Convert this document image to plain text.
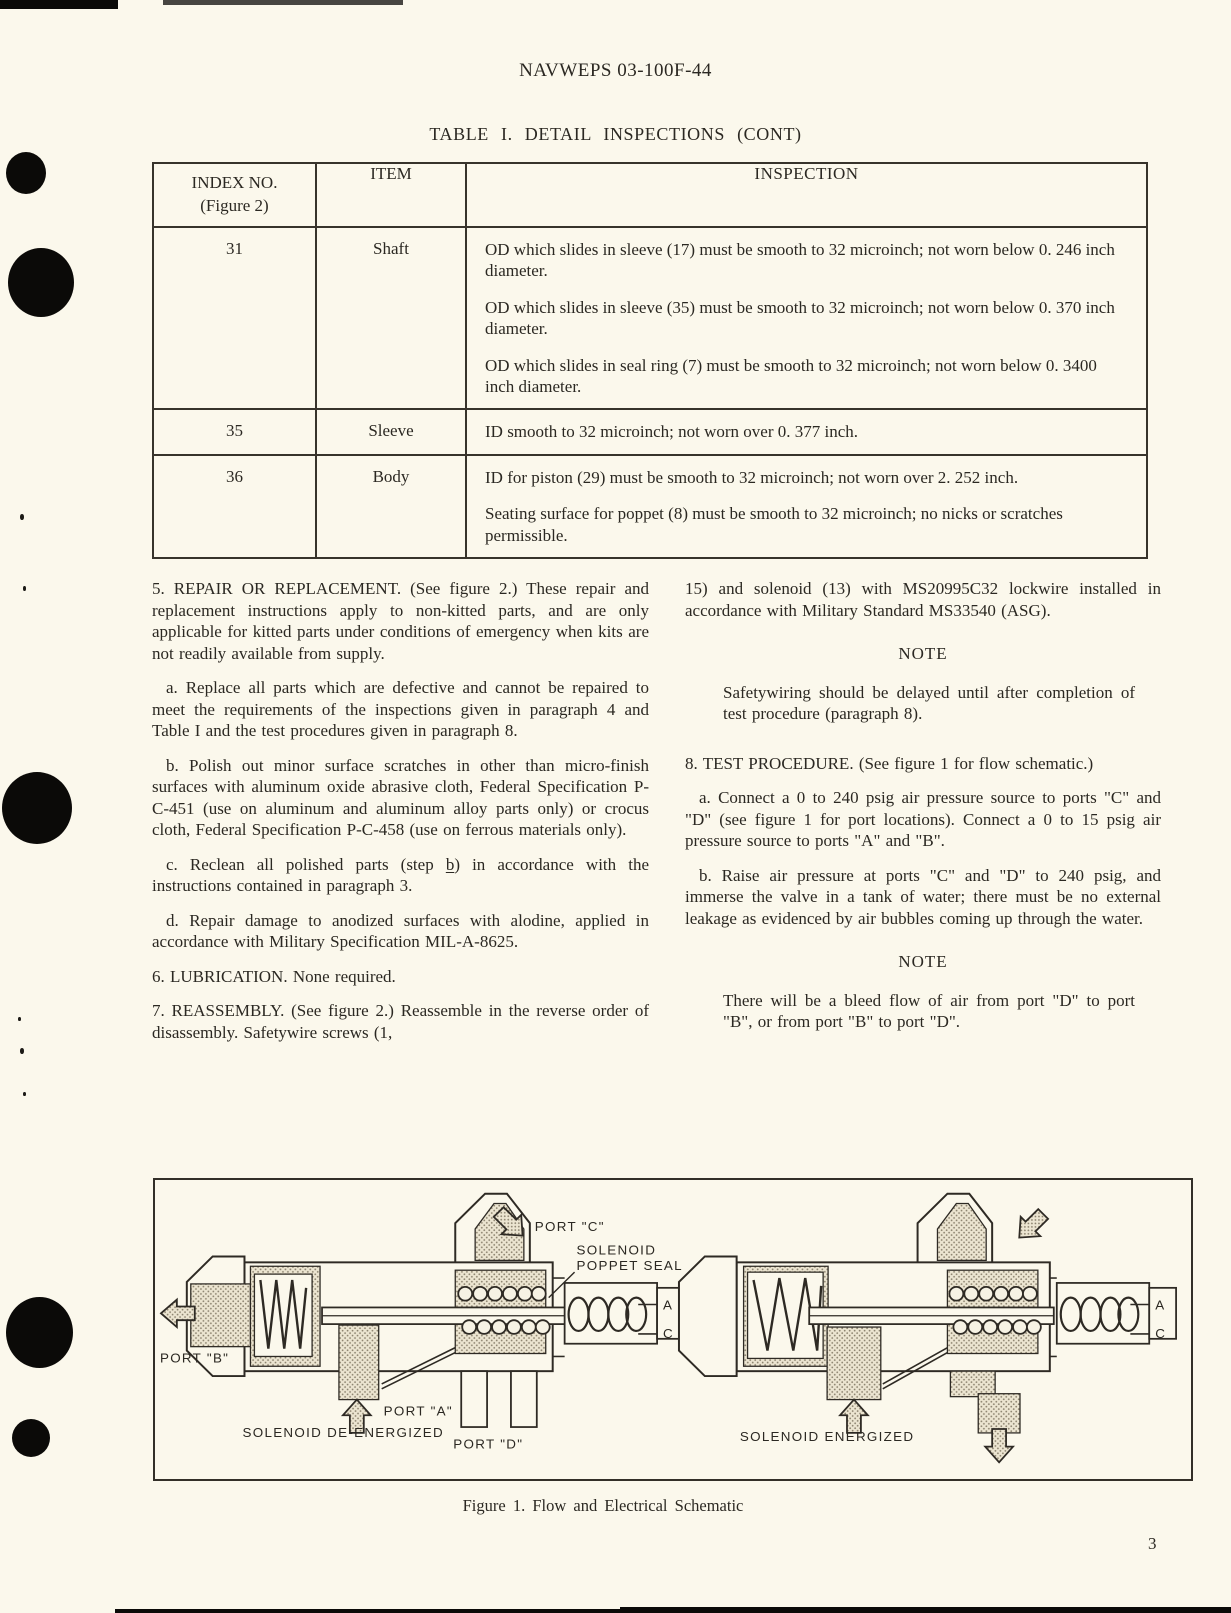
NAVWEPS 03-100F-44
TABLE I. DETAIL INSPECTIONS (CONT)
INDEX NO.
(Figure 2)	ITEM	INSPECTION
31	Shaft	OD which slides in sleeve (17) must be smooth to 32 microinch; not worn below 0. 246 inch diameter.

OD which slides in sleeve (35) must be smooth to 32 microinch; not worn below 0. 370 inch diameter.

OD which slides in seal ring (7) must be smooth to 32 microinch; not worn below 0. 3400 inch diameter.

35	Sleeve	ID smooth to 32 microinch; not worn over 0. 377 inch.

36	Body	ID for piston (29) must be smooth to 32 microinch; not worn over 2. 252 inch.

Seating surface for poppet (8) must be smooth to 32 microinch; no nicks or scratches permissible.

5. REPAIR OR REPLACEMENT. (See figure 2.) These repair and replacement instructions apply to non-kitted parts, and are only applicable for kitted parts under conditions of emergency when kits are not readily available from supply.

a. Replace all parts which are defective and cannot be repaired to meet the requirements of the inspections given in paragraph 4 and Table I and the test procedures given in paragraph 8.

b. Polish out minor surface scratches in other than micro-finish surfaces with aluminum oxide abrasive cloth, Federal Specification P-C-451 (use on aluminum and aluminum alloy parts only) or crocus cloth, Federal Specification P-C-458 (use on ferrous materials only).

c. Reclean all polished parts (step b) in accordance with the instructions contained in paragraph 3.

d. Repair damage to anodized surfaces with alodine, applied in accordance with Military Specification MIL-A-8625.

6. LUBRICATION. None required.

7. REASSEMBLY. (See figure 2.) Reassemble in the reverse order of disassembly. Safetywire screws (1,

15) and solenoid (13) with MS20995C32 lockwire installed in accordance with Military Standard MS33540 (ASG).

NOTE

Safetywiring should be delayed until after completion of test procedure (paragraph 8).

8. TEST PROCEDURE. (See figure 1 for flow schematic.)

a. Connect a 0 to 240 psig air pressure source to ports "C" and "D" (see figure 1 for port locations). Connect a 0 to 15 psig air pressure source to ports "A" and "B".

b. Raise air pressure at ports "C" and "D" to 240 psig, and immerse the valve in a tank of water; there must be no external leakage as evidenced by air bubbles coming up through the water.

NOTE

There will be a bleed flow of air from port "D" to port "B", or from port "B" to port "D".

A
C
PORT "C"
SOLENOID
POPPET SEAL
PORT "B"
PORT "A"
PORT "D"
SOLENOID DE-ENERGIZED
A
C
SOLENOID ENERGIZED
Figure 1. Flow and Electrical Schematic
3
